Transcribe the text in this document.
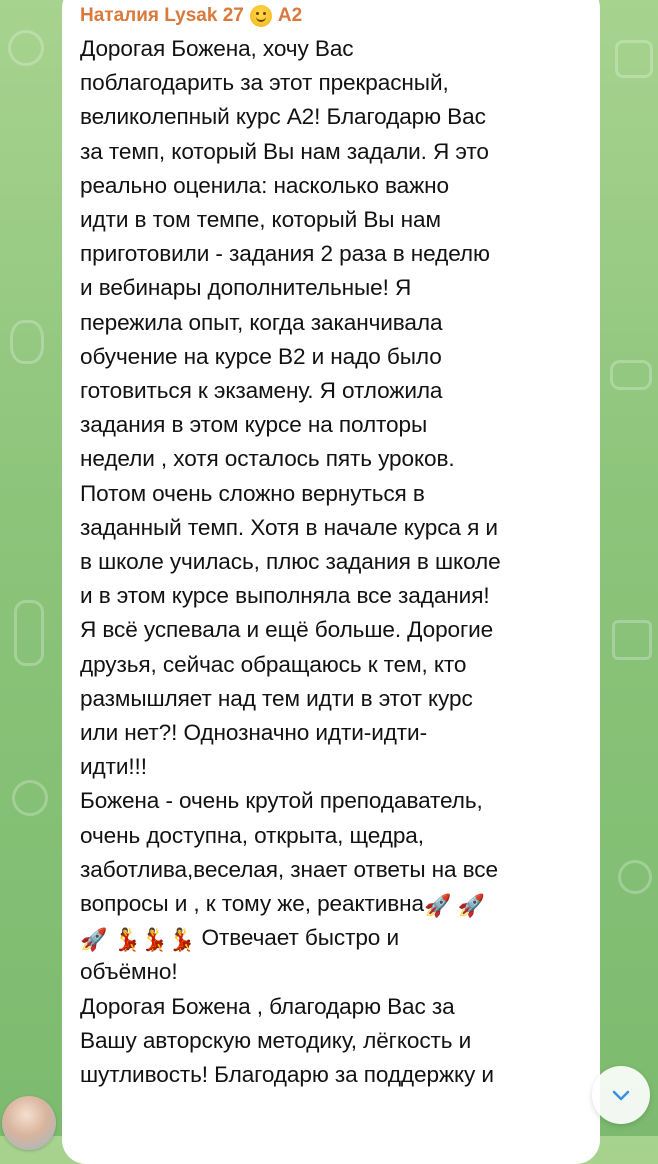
Наталия Lysak 27 A2
Дорогая Божена, хочу Вас
поблагодарить за этот прекрасный,
великолепный курс А2! Благодарю Вас
за темп, который Вы нам задали. Я это
реально оценила: насколько важно
идти в том темпе, который Вы нам
приготовили - задания 2 раза в неделю
и вебинары дополнительные! Я
пережила опыт, когда заканчивала
обучение на курсе В2 и надо было
готовиться к экзамену. Я отложила
задания в этом курсе на полторы
недели , хотя осталось пять уроков.
Потом очень сложно вернуться в
заданный темп. Хотя в начале курса я и
в школе училась, плюс задания в школе
и в этом курсе выполняла все задания!
Я всё успевала и ещё больше. Дорогие
друзья, сейчас обращаюсь к тем, кто
размышляет над тем идти в этот курс
или нет?! Однозначно идти-идти-
идти!!!
Божена - очень крутой преподаватель,
очень доступна, открыта, щедра,
заботлива,веселая, знает ответы на все
вопросы и , к тому же, реактивна🚀 🚀
🚀 💃💃💃 Отвечает быстро и
объёмно!
Дорогая Божена , благодарю Вас за
Вашу авторскую методику, лёгкость и
шутливость! Благодарю за поддержку и
